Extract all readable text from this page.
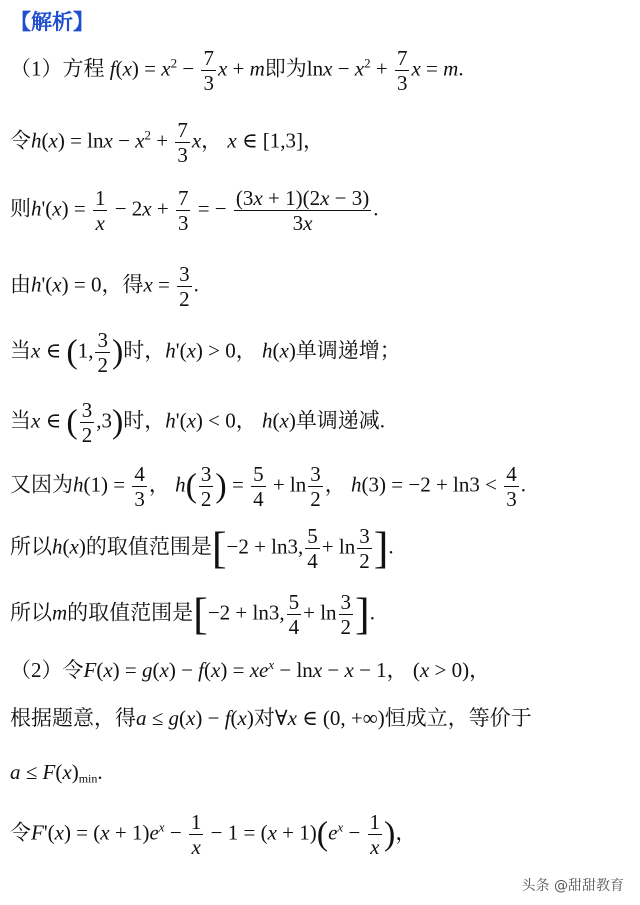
【解析】
（1）方程 $f(x) = x^2 - \frac{7}{3}$ x + m即为$\ln x - x^2 + \frac{7}{3}$ x = m.
令$h(x) = \ln x - x^2 + \frac{7}{3}$ x， x ∈ [1,3]，
则$h'(x) = \frac{1}{x} - 2x + \frac{7}{3}$ = − $\frac{(3x + 1)(2x - 3)}{3x}$ .
由h'(x) = 0，得$x = \frac{3}{2}$ .
当x ∈ (1, $\frac{3}{2}$ )时，h'(x) > 0， h(x)单调递增；
当x ∈ ( $\frac{3}{2} ,3$)时，h'(x) < 0， h(x)单调递减.
又因为$h(1) = \frac{4}{3}$ ， $h( \frac{3}{2}$ ) = $\frac{5}{4} + \ln \frac{3}{2}$ ， $h(3) = -2 + \ln 3 < \frac{4}{3}$ .
所以h(x)的取值范围是[−2 + ln3, $\frac{5}{4} + \ln \frac{3}{2}$ ].
所以m的取值范围是[−2 + ln3, $\frac{5}{4} + \ln \frac{3}{2}$ ].
（2）令$F(x) = g(x) - f(x) = xe^x - \ln x - x - 1$， (x > 0)，
根据题意，得a ≤ g(x) − f(x)对∀x ∈ (0, +∞)恒成立，等价于
$a \le F(x)_{min}$.
令$F'(x) = (x + 1)e^x - \frac{1}{x} - 1 = (x + 1)(e^x - \frac{1}{x}$ )，
头条 @甜甜教育
